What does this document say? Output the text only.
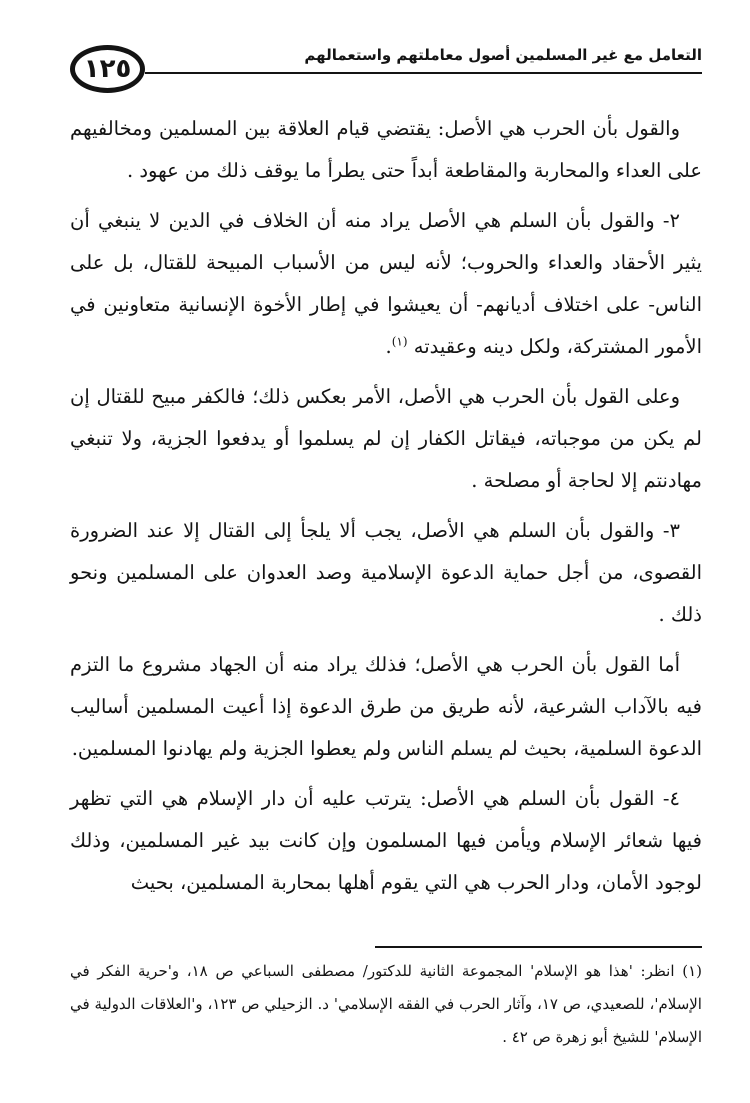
١٢٥	التعامل مع غير المسلمين أصول معاملتهم واستعمالهم

والقول بأن الحرب هي الأصل: يقتضي قيام العلاقة بين المسلمين ومخالفيهم على العداء والمحاربة والمقاطعة أبداً حتى يطرأ ما يوقف ذلك من عهود .

٢- والقول بأن السلم هي الأصل يراد منه أن الخلاف في الدين لا ينبغي أن يثير الأحقاد والعداء والحروب؛ لأنه ليس من الأسباب المبيحة للقتال، بل على الناس- على اختلاف أديانهم- أن يعيشوا في إطار الأخوة الإنسانية متعاونين في الأمور المشتركة، ولكل دينه وعقيدته $^{(١)}$.

وعلى القول بأن الحرب هي الأصل، الأمر بعكس ذلك؛ فالكفر مبيح للقتال إن لم يكن من موجباته، فيقاتل الكفار إن لم يسلموا أو يدفعوا الجزية، ولا تنبغي مهادنتم إلا لحاجة أو مصلحة .

٣- والقول بأن السلم هي الأصل، يجب ألا يلجأ إلى القتال إلا عند الضرورة القصوى، من أجل حماية الدعوة الإسلامية وصد العدوان على المسلمين ونحو ذلك .

أما القول بأن الحرب هي الأصل؛ فذلك يراد منه أن الجهاد مشروع ما التزم فيه بالآداب الشرعية، لأنه طريق من طرق الدعوة إذا أعيت المسلمين أساليب الدعوة السلمية، بحيث لم يسلم الناس ولم يعطوا الجزية ولم يهادنوا المسلمين.

٤- القول بأن السلم هي الأصل: يترتب عليه أن دار الإسلام هي التي تظهر فيها شعائر الإسلام ويأمن فيها المسلمون وإن كانت بيد غير المسلمين، وذلك لوجود الأمان، ودار الحرب هي التي يقوم أهلها بمحاربة المسلمين، بحيث

(١) انظر: 'هذا هو الإسلام' المجموعة الثانية للدكتور/ مصطفى السباعي ص ١٨، و'حرية الفكر في الإسلام'، للصعيدي، ص ١٧، وآثار الحرب في الفقه الإسلامي' د. الزحيلي ص ١٢٣، و'العلاقات الدولية في الإسلام' للشيخ أبو زهرة ص ٤٢ .
